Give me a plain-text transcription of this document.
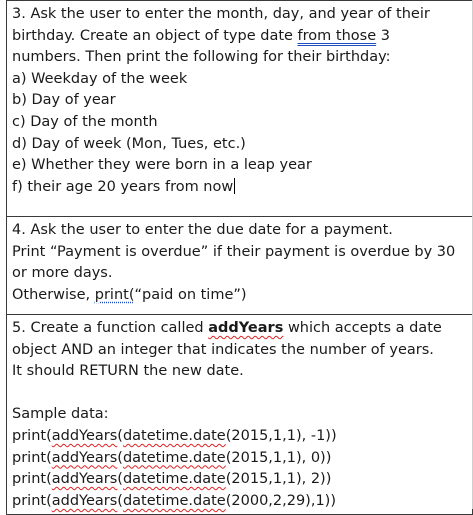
3. Ask the user to enter the month, day, and year of their
birthday. Create an object of type date from those 3
numbers. Then print the following for their birthday:
a) Weekday of the week
b) Day of year
c) Day of the month
d) Day of week (Mon, Tues, etc.)
e) Whether they were born in a leap year
f) their age 20 years from now

4. Ask the user to enter the due date for a payment.
Print “Payment is overdue” if their payment is overdue by 30
or more days.
Otherwise, print(“paid on time”)

5. Create a function called addYears which accepts a date
object AND an integer that indicates the number of years.
It should RETURN the new date.
Sample data:
print(addYears(datetime.date(2015,1,1), -1))
print(addYears(datetime.date(2015,1,1), 0))
print(addYears(datetime.date(2015,1,1), 2))
print(addYears(datetime.date(2000,2,29),1))
